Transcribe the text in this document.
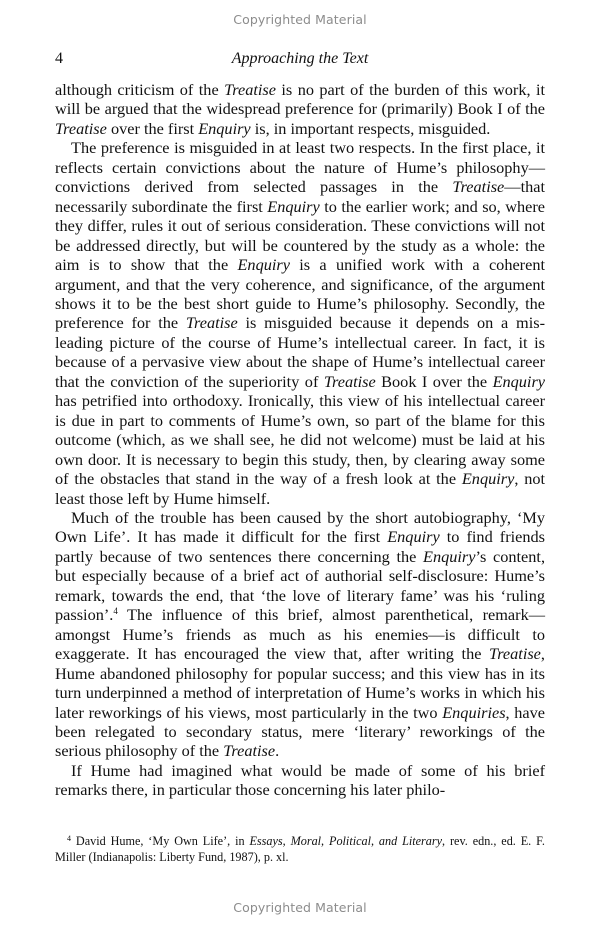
Copyrighted Material
4	Approaching the Text

although criticism of the Treatise is no part of the burden of this work, it will be argued that the widespread preference for (primarily) Book I of the Treatise over the first Enquiry is, in important respects, misguided.

The preference is misguided in at least two respects. In the first place, it reflects certain convictions about the nature of Hume’s philosophy—convictions derived from selected passages in the Treatise—that necessarily subordinate the first Enquiry to the earlier work; and so, where they differ, rules it out of serious consideration. These convictions will not be addressed directly, but will be countered by the study as a whole: the aim is to show that the Enquiry is a unified work with a coherent argument, and that the very coherence, and significance, of the argument shows it to be the best short guide to Hume’s philosophy. Secondly, the preference for the Treatise is misguided because it depends on a misleading picture of the course of Hume’s intellectual career. In fact, it is because of a pervasive view about the shape of Hume’s intellectual career that the conviction of the superiority of Treatise Book I over the Enquiry has petrified into orthodoxy. Ironically, this view of his intellectual career is due in part to comments of Hume’s own, so part of the blame for this outcome (which, as we shall see, he did not welcome) must be laid at his own door. It is necessary to begin this study, then, by clearing away some of the obstacles that stand in the way of a fresh look at the Enquiry, not least those left by Hume himself.

Much of the trouble has been caused by the short autobiography, ‘My Own Life’. It has made it difficult for the first Enquiry to find friends partly because of two sentences there concerning the Enquiry’s content, but especially because of a brief act of authorial self-disclosure: Hume’s remark, towards the end, that ‘the love of literary fame’ was his ‘ruling passion’.$^4$ The influence of this brief, almost parenthetical, remark—amongst Hume’s friends as much as his enemies—is difficult to exaggerate. It has encouraged the view that, after writing the Treatise, Hume abandoned philosophy for popular success; and this view has in its turn underpinned a method of interpretation of Hume’s works in which his later reworkings of his views, most particularly in the two Enquiries, have been relegated to secondary status, mere ‘literary’ reworkings of the serious philosophy of the Treatise.

If Hume had imagined what would be made of some of his brief remarks there, in particular those concerning his later philo-

$^4$ David Hume, ‘My Own Life’, in Essays, Moral, Political, and Literary, rev. edn., ed. E. F. Miller (Indianapolis: Liberty Fund, 1987), p. xl.
Copyrighted Material
